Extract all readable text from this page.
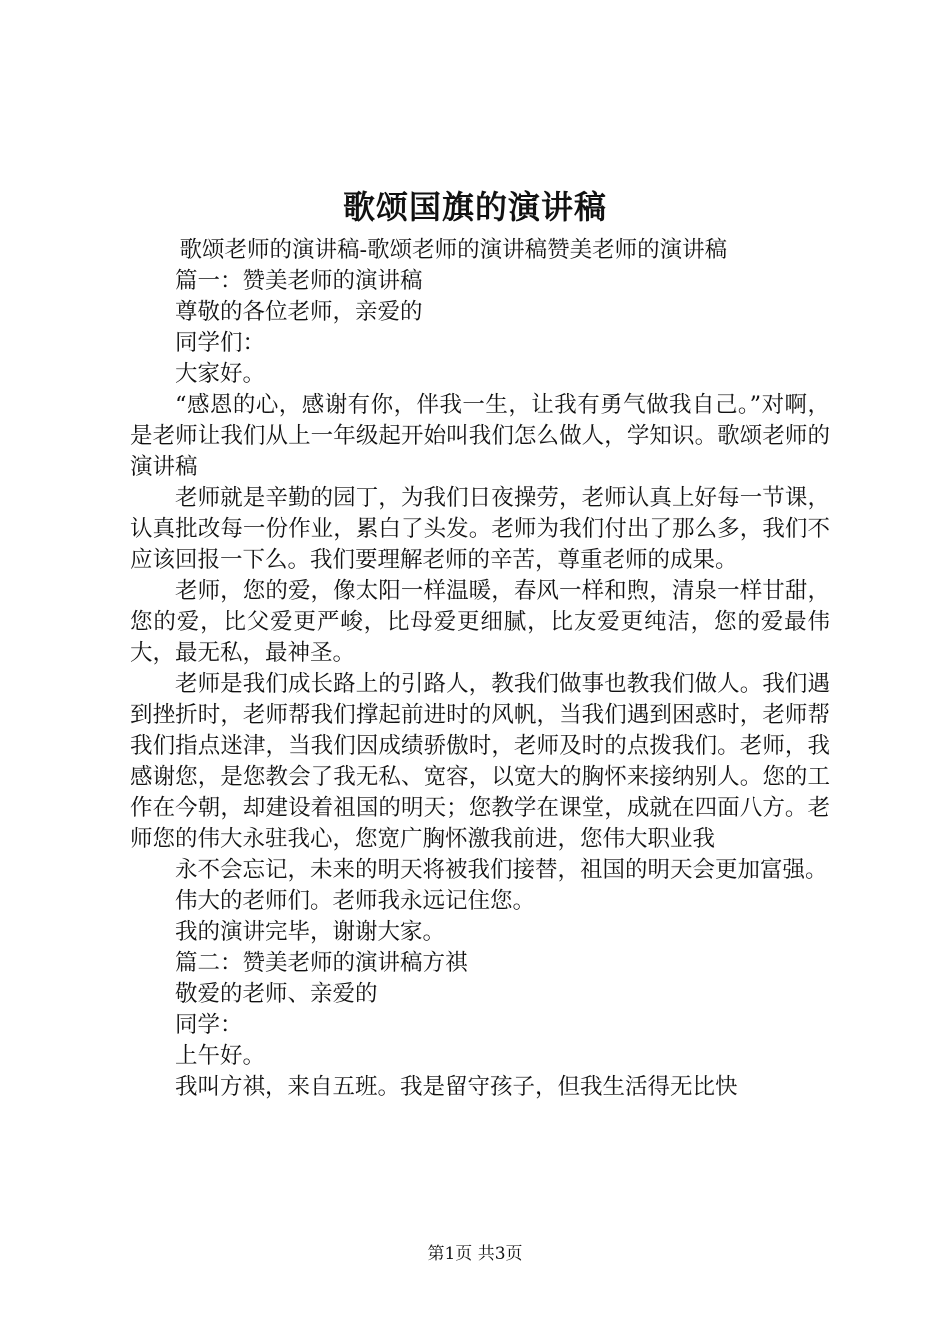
歌颂国旗的演讲稿

歌颂老师的演讲稿-歌颂老师的演讲稿赞美老师的演讲稿

篇一：赞美老师的演讲稿

尊敬的各位老师，亲爱的

同学们：

大家好。

“感恩的心，感谢有你，伴我一生，让我有勇气做我自己。”对啊，是老师让我们从上一年级起开始叫我们怎么做人，学知识。歌颂老师的演讲稿

老师就是辛勤的园丁，为我们日夜操劳，老师认真上好每一节课，认真批改每一份作业，累白了头发。老师为我们付出了那么多，我们不应该回报一下么。我们要理解老师的辛苦，尊重老师的成果。

老师，您的爱，像太阳一样温暖，春风一样和煦，清泉一样甘甜，您的爱，比父爱更严峻，比母爱更细腻，比友爱更纯洁，您的爱最伟大，最无私，最神圣。

老师是我们成长路上的引路人，教我们做事也教我们做人。我们遇到挫折时，老师帮我们撑起前进时的风帆，当我们遇到困惑时，老师帮我们指点迷津，当我们因成绩骄傲时，老师及时的点拨我们。老师，我感谢您，是您教会了我无私、宽容，以宽大的胸怀来接纳别人。您的工作在今朝，却建设着祖国的明天；您教学在课堂，成就在四面八方。老师您的伟大永驻我心，您宽广胸怀激我前进，您伟大职业我

永不会忘记，未来的明天将被我们接替，祖国的明天会更加富强。

伟大的老师们。老师我永远记住您。

我的演讲完毕，谢谢大家。

篇二：赞美老师的演讲稿方祺

敬爱的老师、亲爱的

同学：

上午好。

我叫方祺，来自五班。我是留守孩子，但我生活得无比快

第1页 共3页
